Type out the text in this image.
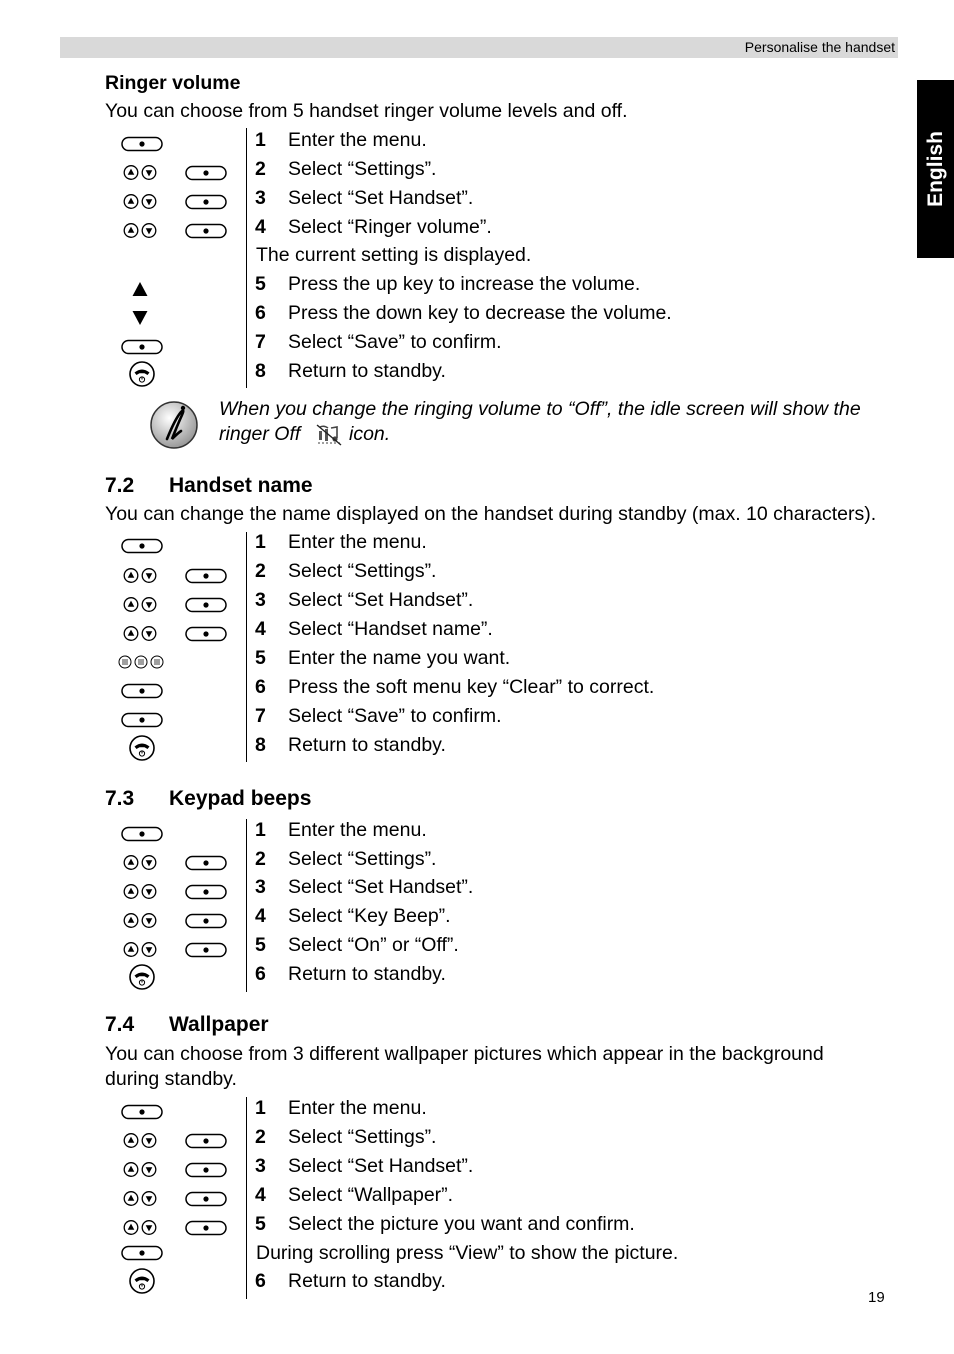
Personalise the handset
English
Ringer volume
You can choose from 5 handset ringer volume levels and off.
1 Enter the menu.
2 Select “Settings”.
3 Select “Set Handset”.
4 Select “Ringer volume”.
The current setting is displayed.
5 Press the up key to increase the volume.
6 Press the down key to decrease the volume.
7 Select “Save” to confirm.
8 Return to standby.
When you change the ringing volume to “Off”, the idle screen will show the
ringer Off icon.
7.2 Handset name
You can change the name displayed on the handset during standby (max. 10 characters).
1 Enter the menu.
2 Select “Settings”.
3 Select “Set Handset”.
4 Select “Handset name”.
5 Enter the name you want.
6 Press the soft menu key “Clear” to correct.
7 Select “Save” to confirm.
8 Return to standby.
7.3 Keypad beeps
1 Enter the menu.
2 Select “Settings”.
3 Select “Set Handset”.
4 Select “Key Beep”.
5 Select “On” or “Off”.
6 Return to standby.
7.4 Wallpaper
You can choose from 3 different wallpaper pictures which appear in the background
during standby.
1 Enter the menu.
2 Select “Settings”.
3 Select “Set Handset”.
4 Select “Wallpaper”.
5 Select the picture you want and confirm.
During scrolling press “View” to show the picture.
6 Return to standby.
19
